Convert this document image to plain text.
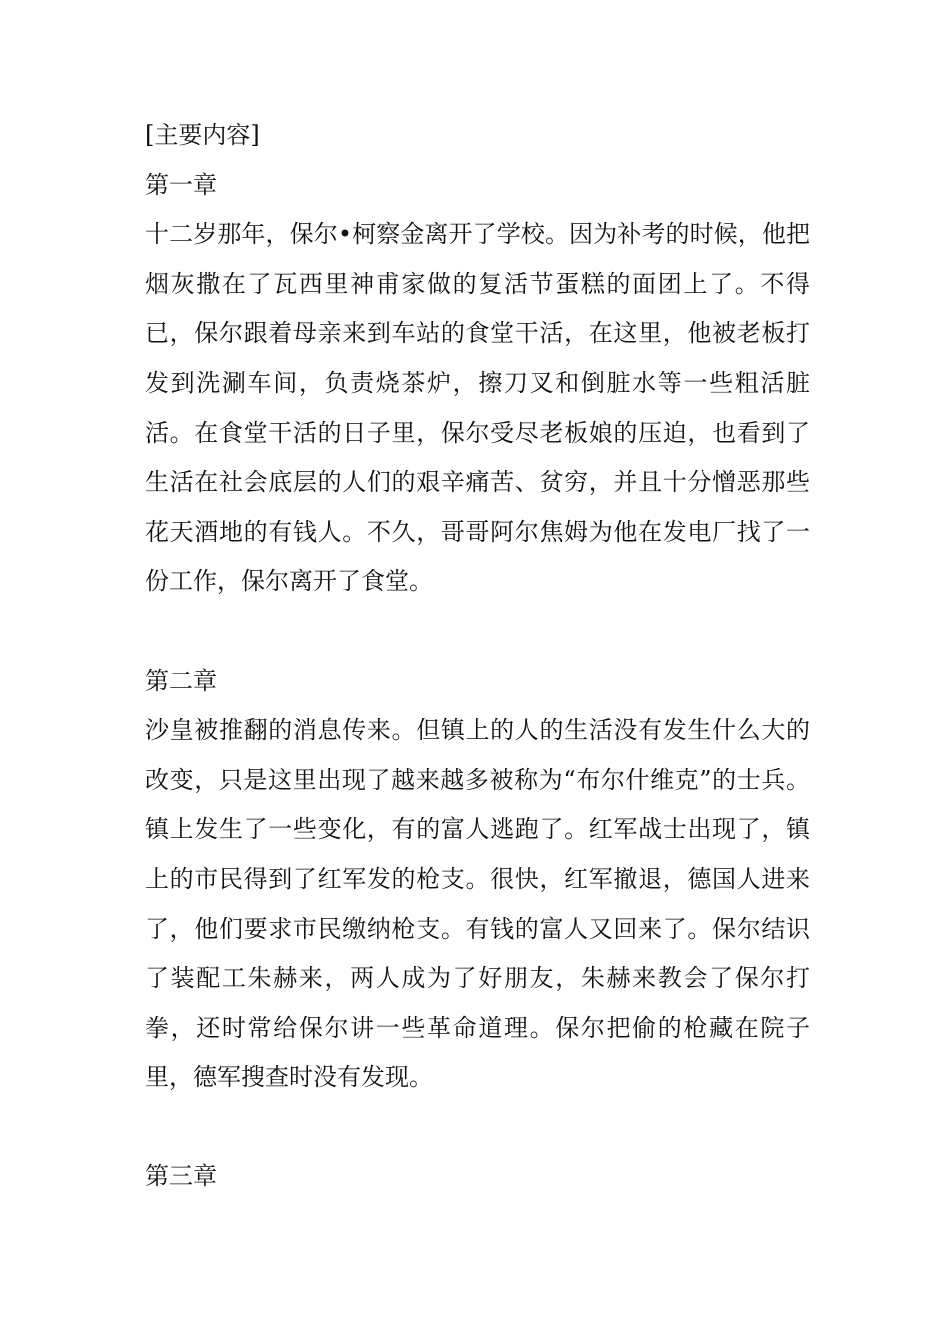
[主要内容]

第一章

十二岁那年，保尔•柯察金离开了学校。因为补考的时候，他把烟灰撒在了瓦西里神甫家做的复活节蛋糕的面团上了。不得已，保尔跟着母亲来到车站的食堂干活，在这里，他被老板打发到洗涮车间，负责烧茶炉，擦刀叉和倒脏水等一些粗活脏活。在食堂干活的日子里，保尔受尽老板娘的压迫，也看到了生活在社会底层的人们的艰辛痛苦、贫穷，并且十分憎恶那些花天酒地的有钱人。不久，哥哥阿尔焦姆为他在发电厂找了一份工作，保尔离开了食堂。

第二章

沙皇被推翻的消息传来。但镇上的人的生活没有发生什么大的改变，只是这里出现了越来越多被称为“布尔什维克”的士兵。镇上发生了一些变化，有的富人逃跑了。红军战士出现了，镇上的市民得到了红军发的枪支。很快，红军撤退，德国人进来了，他们要求市民缴纳枪支。有钱的富人又回来了。保尔结识了装配工朱赫来，两人成为了好朋友，朱赫来教会了保尔打拳，还时常给保尔讲一些革命道理。保尔把偷的枪藏在院子里，德军搜查时没有发现。

第三章
